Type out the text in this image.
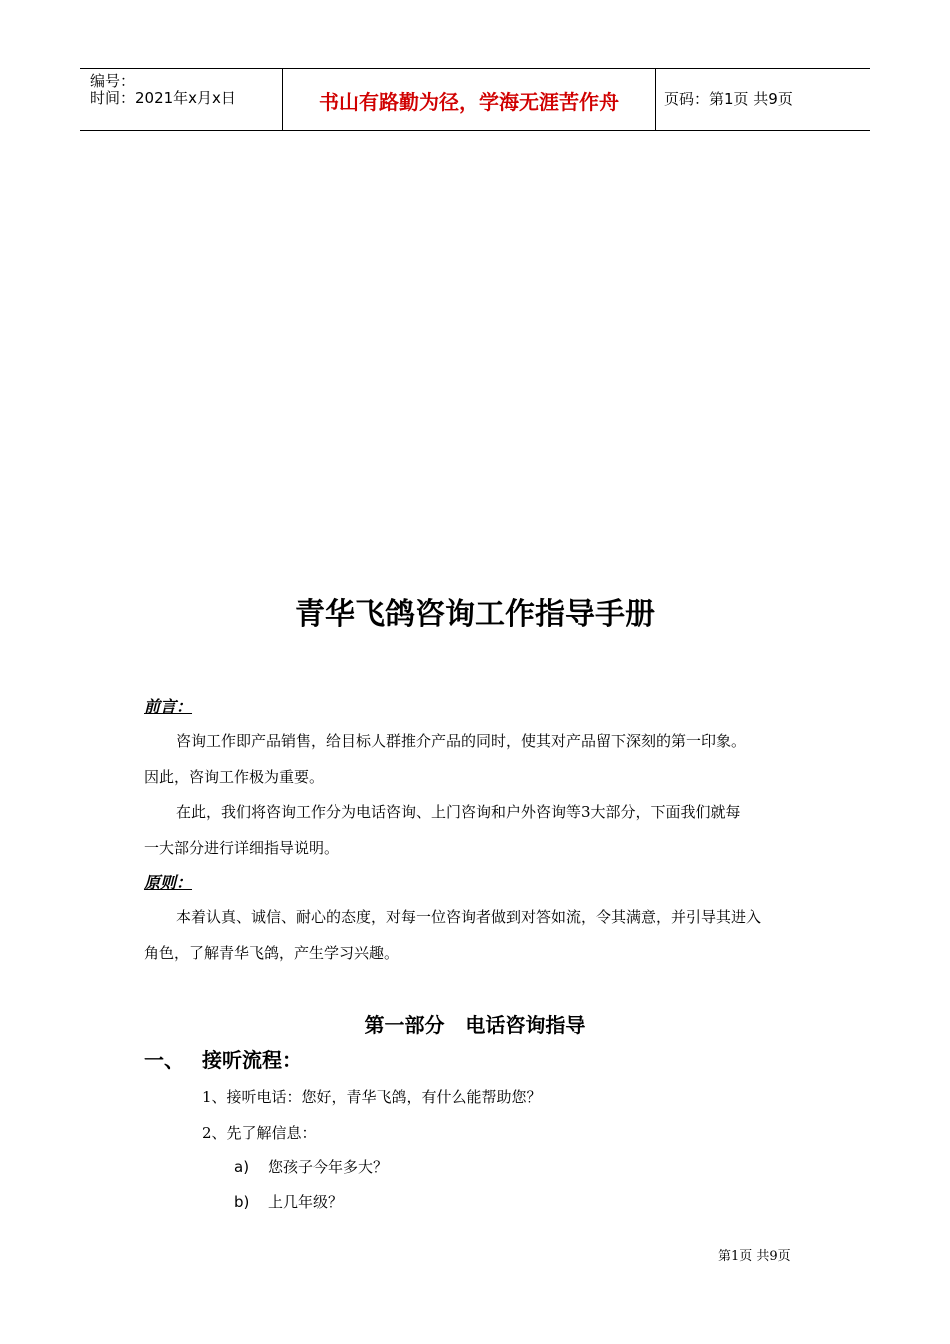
编号：
时间：2021年x月x日	书山有路勤为径，学海无涯苦作舟	页码：第1页 共9页
青华飞鸽咨询工作指导手册
前言：
咨询工作即产品销售，给目标人群推介产品的同时，使其对产品留下深刻的第一印象。
因此，咨询工作极为重要。
在此，我们将咨询工作分为电话咨询、上门咨询和户外咨询等3大部分，下面我们就每
一大部分进行详细指导说明。
原则：
本着认真、诚信、耐心的态度，对每一位咨询者做到对答如流，令其满意，并引导其进入
角色，了解青华飞鸽，产生学习兴趣。
第一部分   电话咨询指导
一、 接听流程：
1、接听电话：您好，青华飞鸽，有什么能帮助您？
2、先了解信息：
a) 您孩子今年多大？
b) 上几年级？
第1页 共9页
